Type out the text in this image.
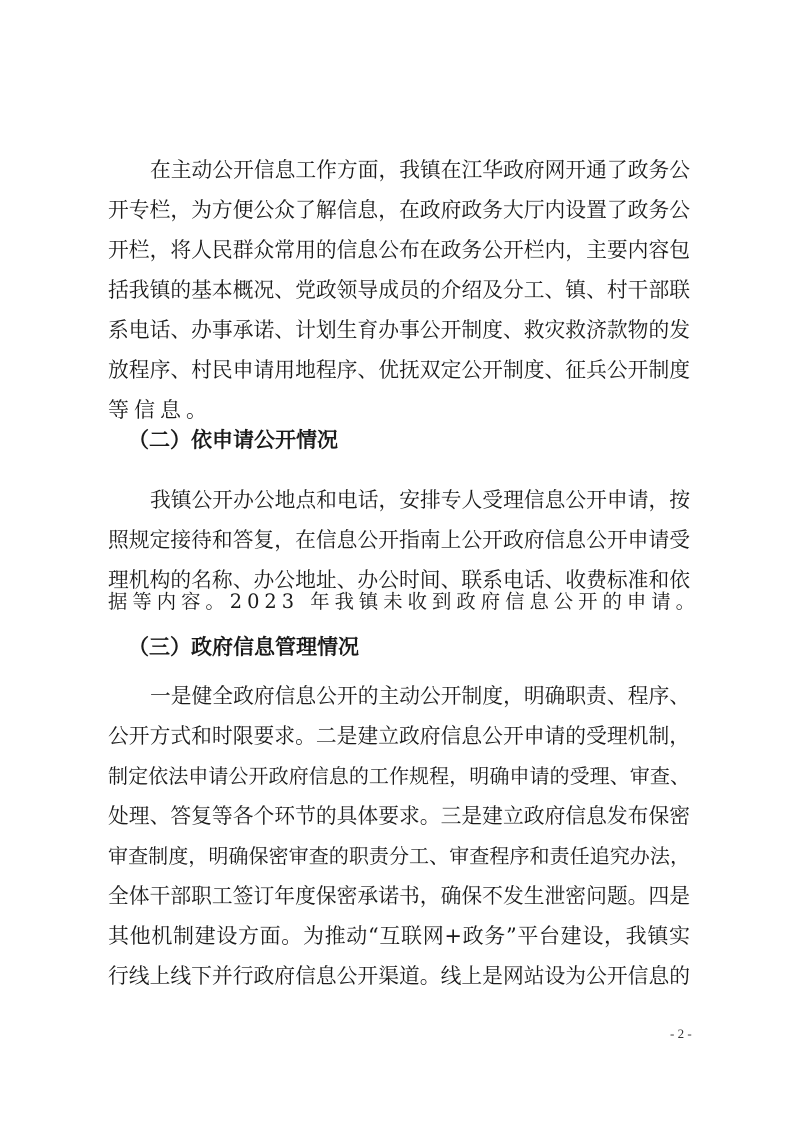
在主动公开信息工作方面，我镇在江华政府网开通了政务公
开专栏，为方便公众了解信息，在政府政务大厅内设置了政务公
开栏，将人民群众常用的信息公布在政务公开栏内，主要内容包
括我镇的基本概况、党政领导成员的介绍及分工、镇、村干部联
系电话、办事承诺、计划生育办事公开制度、救灾救济款物的发
放程序、村民申请用地程序、优抚双定公开制度、征兵公开制度
等信息。
（二）依申请公开情况
我镇公开办公地点和电话，安排专人受理信息公开申请，按
照规定接待和答复，在信息公开指南上公开政府信息公开申请受
理机构的名称、办公地址、办公时间、联系电话、收费标准和依
据等内容。2023 年我镇未收到政府信息公开的申请。
（三）政府信息管理情况
一是健全政府信息公开的主动公开制度，明确职责、程序、
公开方式和时限要求。二是建立政府信息公开申请的受理机制，
制定依法申请公开政府信息的工作规程，明确申请的受理、审查、
处理、答复等各个环节的具体要求。三是建立政府信息发布保密
审查制度，明确保密审查的职责分工、审查程序和责任追究办法，
全体干部职工签订年度保密承诺书，确保不发生泄密问题。四是
其他机制建设方面。为推动“互联网+政务”平台建设，我镇实
行线上线下并行政府信息公开渠道。线上是网站设为公开信息的
- 2 -
